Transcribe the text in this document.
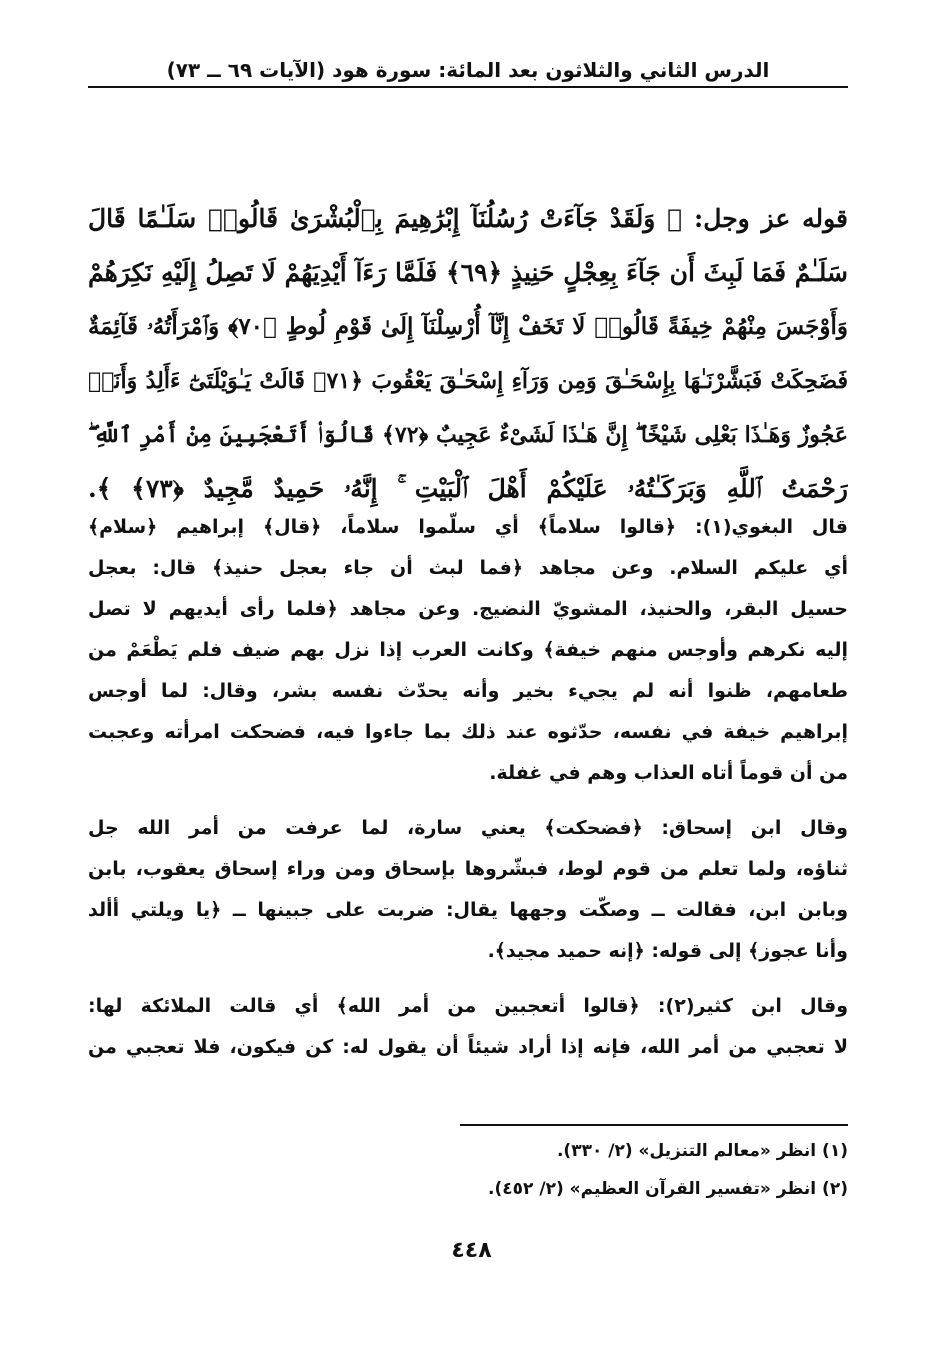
الدرس الثاني والثلاثون بعد المائة: سورة هود (الآيات ٦٩ ــ ٧٣)
قوله عز وجل: ﴿ وَلَقَدْ جَآءَتْ رُسُلُنَآ إِبْرَٰهِيمَ بِٱلْبُشْرَىٰ قَالُوا۟ سَلَـٰمًا قَالَ
سَلَـٰمٌ فَمَا لَبِثَ أَن جَآءَ بِعِجْلٍ حَنِيذٍ ﴿٦٩﴾ فَلَمَّا رَءَآ أَيْدِيَهُمْ لَا تَصِلُ إِلَيْهِ نَكِرَهُمْ
وَأَوْجَسَ مِنْهُمْ خِيفَةً قَالُوا۟ لَا تَخَفْ إِنَّآ أُرْسِلْنَآ إِلَىٰ قَوْمِ لُوطٍ ﴿٧٠﴾ وَٱمْرَأَتُهُۥ قَآئِمَةٌ
فَضَحِكَتْ فَبَشَّرْنَـٰهَا بِإِسْحَـٰقَ وَمِن وَرَآءِ إِسْحَـٰقَ يَعْقُوبَ ﴿٧١﴾ قَالَتْ يَـٰوَيْلَتَىٰٓ ءَأَلِدُ وَأَنَا۠
عَجُوزٌ وَهَـٰذَا بَعْلِى شَيْخًا ۖ إِنَّ هَـٰذَا لَشَىْءٌ عَجِيبٌ ﴿٧٢﴾ قَالُوٓا۟ أَتَعْجَبِينَ مِنْ أَمْرِ ٱللَّهِ ۖ
رَحْمَتُ ٱللَّهِ وَبَرَكَـٰتُهُۥ عَلَيْكُمْ أَهْلَ ٱلْبَيْتِ ۚ إِنَّهُۥ حَمِيدٌ مَّجِيدٌ ﴿٧٣﴾ ﴾.
قال البغوي(١): ﴿قالوا سلاماً﴾ أي سلّموا سلاماً، ﴿قال﴾ إبراهيم ﴿سلام﴾
أي عليكم السلام. وعن مجاهد ﴿فما لبث أن جاء بعجل حنيذ﴾ قال: بعجل
حسيل البقر، والحنيذ، المشويّ النضيج. وعن مجاهد ﴿فلما رأى أيديهم لا تصل
إليه نكرهم وأوجس منهم خيفة﴾ وكانت العرب إذا نزل بهم ضيف فلم يَطْعَمْ من
طعامهم، ظنوا أنه لم يجيء بخير وأنه يحدّث نفسه بشر، وقال: لما أوجس
إبراهيم خيفة في نفسه، حدّثوه عند ذلك بما جاءوا فيه، فضحكت امرأته وعجبت
من أن قوماً أتاه العذاب وهم في غفلة.
وقال ابن إسحاق: ﴿فضحكت﴾ يعني سارة، لما عرفت من أمر الله جل
ثناؤه، ولما تعلم من قوم لوط، فبشّروها بإسحاق ومن وراء إسحاق يعقوب، بابن
وبابن ابن، فقالت ــ وصكّت وجهها يقال: ضربت على جبينها ــ ﴿يا ويلتي أألد
وأنا عجوز﴾ إلى قوله: ﴿إنه حميد مجيد﴾.
وقال ابن كثير(٢): ﴿قالوا أتعجبين من أمر الله﴾ أي قالت الملائكة لها:
لا تعجبي من أمر الله، فإنه إذا أراد شيئاً أن يقول له: كن فيكون، فلا تعجبي من
(١) انظر «معالم التنزيل» (٢/ ٣٣٠).
(٢) انظر «تفسير القرآن العظيم» (٢/ ٤٥٢).
٤٤٨
